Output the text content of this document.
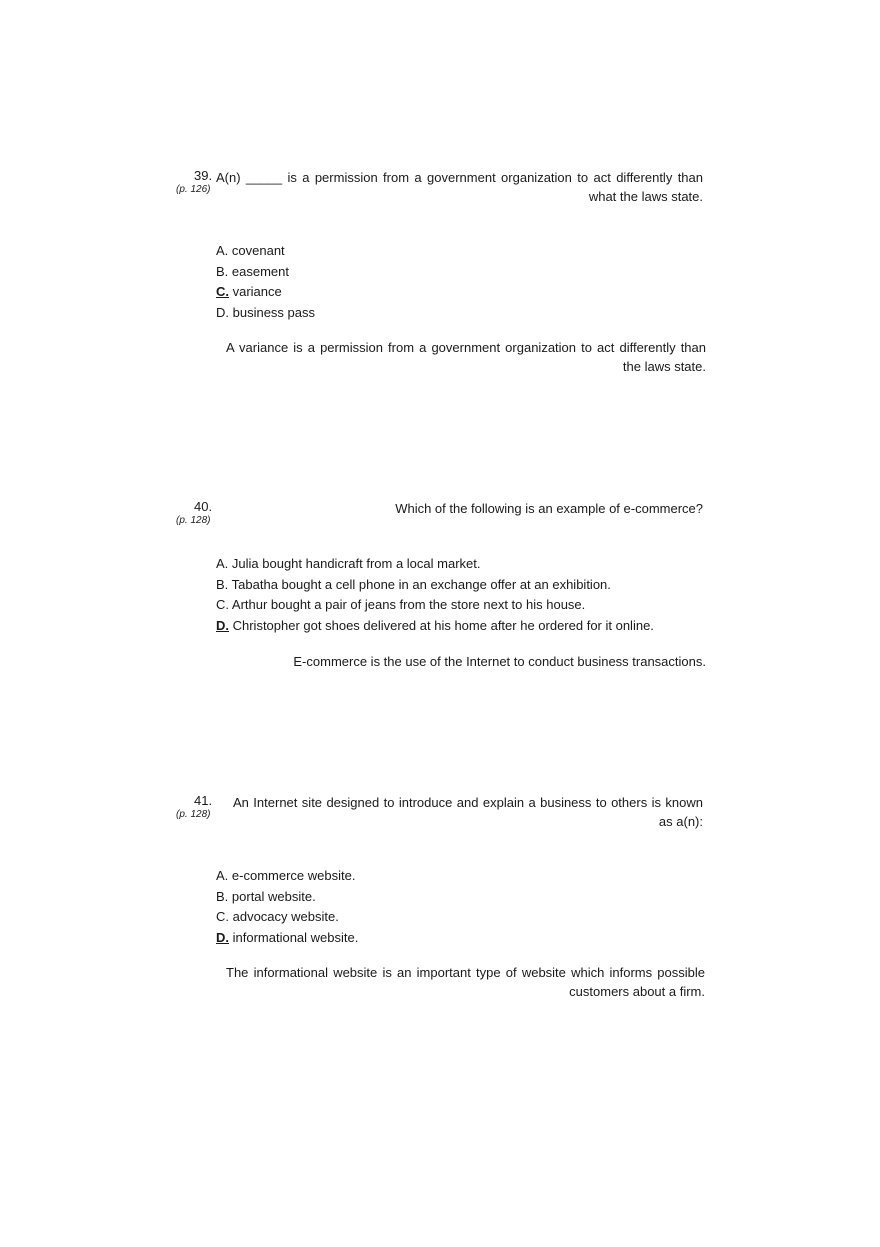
39.
(p. 126)
A(n) _____ is a permission from a government organization to act differently than what the laws state.
A. covenant
B. easement
C. variance
D. business pass
A variance is a permission from a government organization to act differently than the laws state.
40.
(p. 128)
Which of the following is an example of e-commerce?
A. Julia bought handicraft from a local market.
B. Tabatha bought a cell phone in an exchange offer at an exhibition.
C. Arthur bought a pair of jeans from the store next to his house.
D. Christopher got shoes delivered at his home after he ordered for it online.
E-commerce is the use of the Internet to conduct business transactions.
41.
(p. 128)
An Internet site designed to introduce and explain a business to others is known as a(n):
A. e-commerce website.
B. portal website.
C. advocacy website.
D. informational website.
The informational website is an important type of website which informs possible customers about a firm.
